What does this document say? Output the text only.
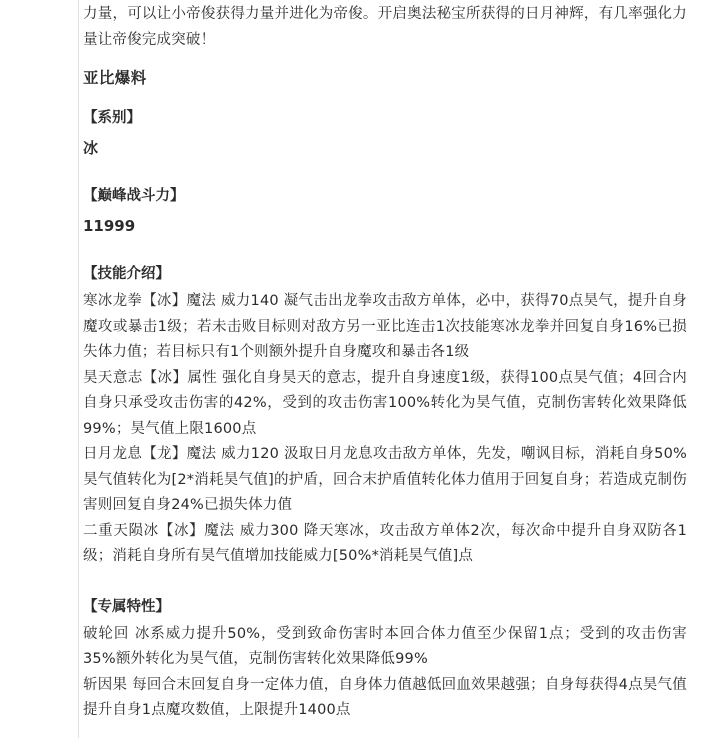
力量，可以让小帝俊获得力量并进化为帝俊。开启奥法秘宝所获得的日月神辉，有几率强化力量让帝俊完成突破！

亚比爆料

【系别】

冰

【巅峰战斗力】

11999

【技能介绍】

寒冰龙拳【冰】魔法 威力140 凝气击出龙拳攻击敌方单体，必中，获得70点昊气，提升自身魔攻或暴击1级；若未击败目标则对敌方另一亚比连击1次技能寒冰龙拳并回复自身16%已损失体力值；若目标只有1个则额外提升自身魔攻和暴击各1级

昊天意志【冰】属性 强化自身昊天的意志，提升自身速度1级，获得100点昊气值；4回合内自身只承受攻击伤害的42%，受到的攻击伤害100%转化为昊气值，克制伤害转化效果降低99%；昊气值上限1600点

日月龙息【龙】魔法 威力120 汲取日月龙息攻击敌方单体，先发，嘲讽目标，消耗自身50%昊气值转化为[2*消耗昊气值]的护盾，回合末护盾值转化体力值用于回复自身；若造成克制伤害则回复自身24%已损失体力值

二重天陨冰【冰】魔法 威力300 降天寒冰，攻击敌方单体2次，每次命中提升自身双防各1级；消耗自身所有昊气值增加技能威力[50%*消耗昊气值]点

【专属特性】

破轮回 冰系威力提升50%，受到致命伤害时本回合体力值至少保留1点；受到的攻击伤害35%额外转化为昊气值，克制伤害转化效果降低99%

斩因果 每回合末回复自身一定体力值，自身体力值越低回血效果越强；自身每获得4点昊气值提升自身1点魔攻数值，上限提升1400点
